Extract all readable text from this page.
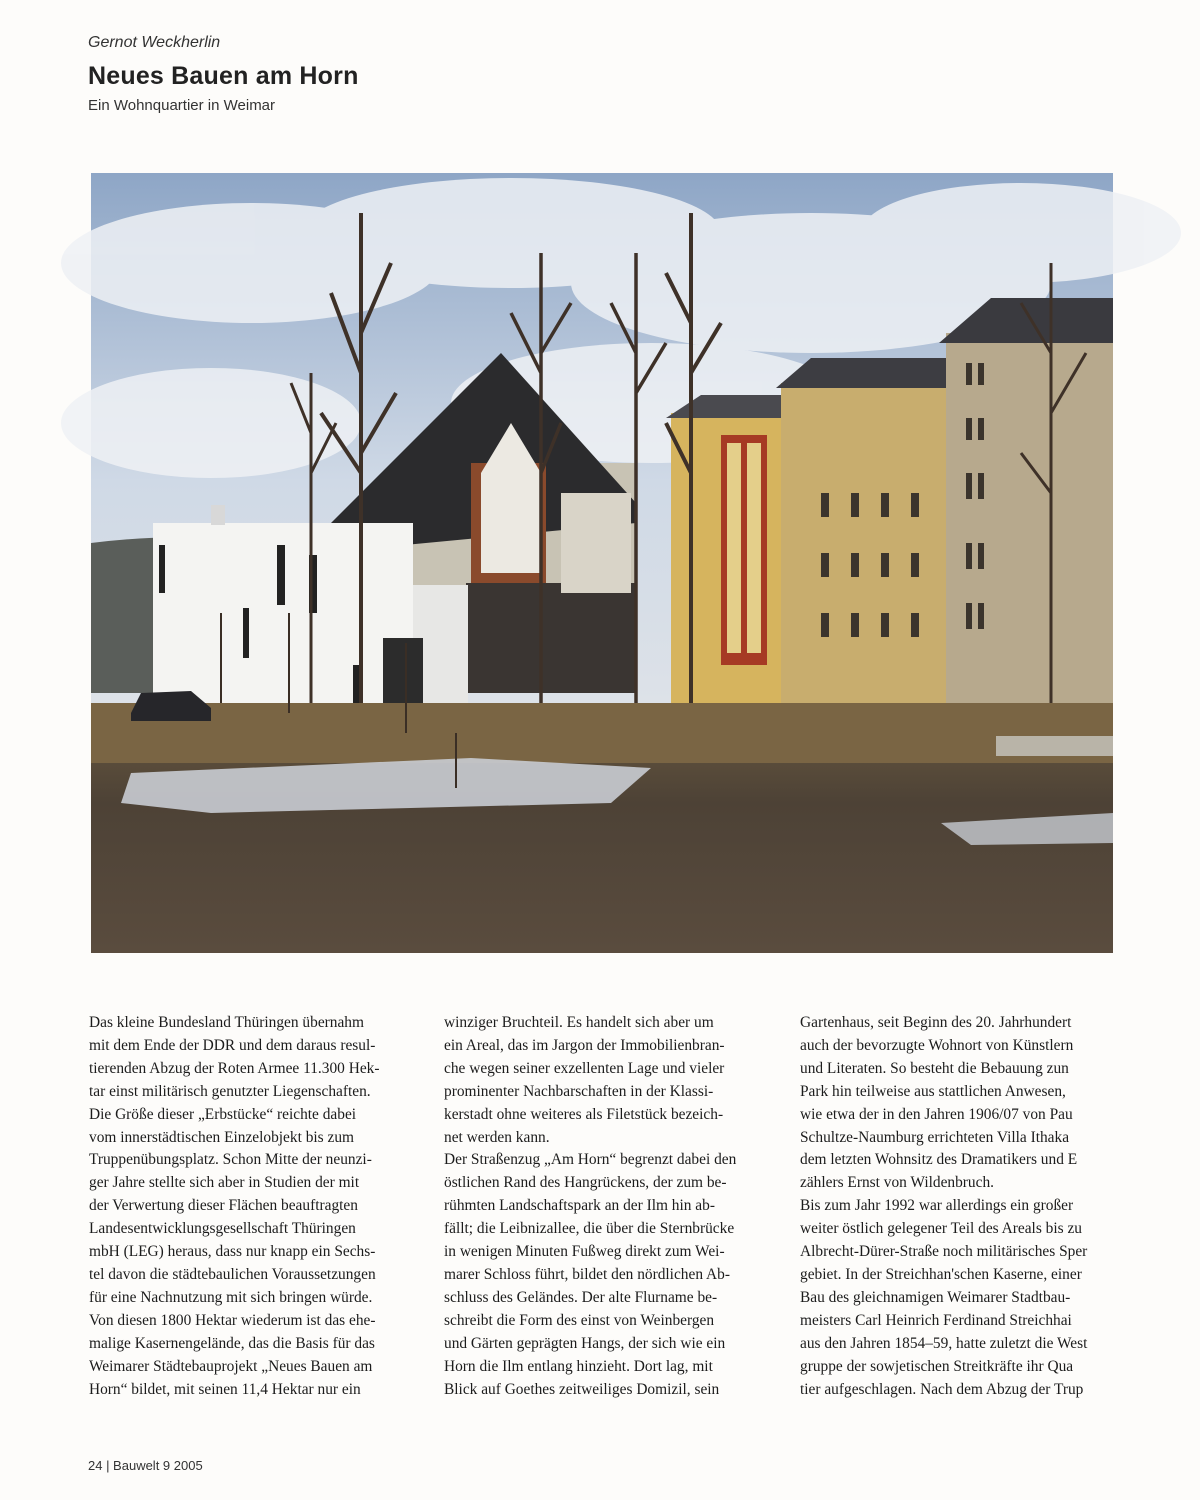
Gernot Weckherlin
Neues Bauen am Horn
Ein Wohnquartier in Weimar

Das kleine Bundesland Thüringen übernahm
mit dem Ende der DDR und dem daraus resul-
tierenden Abzug der Roten Armee 11.300 Hek-
tar einst militärisch genutzter Liegenschaften.
Die Größe dieser „Erbstücke“ reichte dabei
vom innerstädtischen Einzelobjekt bis zum
Truppenübungsplatz. Schon Mitte der neunzi-
ger Jahre stellte sich aber in Studien der mit
der Verwertung dieser Flächen beauftragten
Landesentwicklungsgesellschaft Thüringen
mbH (LEG) heraus, dass nur knapp ein Sechs-
tel davon die städtebaulichen Voraussetzungen
für eine Nachnutzung mit sich bringen würde.
Von diesen 1800 Hektar wiederum ist das ehe-
malige Kasernengelände, das die Basis für das
Weimarer Städtebauprojekt „Neues Bauen am
Horn“ bildet, mit seinen 11,4 Hektar nur ein

winziger Bruchteil. Es handelt sich aber um
ein Areal, das im Jargon der Immobilienbran-
che wegen seiner exzellenten Lage und vieler
prominenter Nachbarschaften in der Klassi-
kerstadt ohne weiteres als Filetstück bezeich-
net werden kann.

Der Straßenzug „Am Horn“ begrenzt dabei den
östlichen Rand des Hangrückens, der zum be-
rühmten Landschaftspark an der Ilm hin ab-
fällt; die Leibnizallee, die über die Sternbrücke
in wenigen Minuten Fußweg direkt zum Wei-
marer Schloss führt, bildet den nördlichen Ab-
schluss des Geländes. Der alte Flurname be-
schreibt die Form des einst von Weinbergen
und Gärten geprägten Hangs, der sich wie ein
Horn die Ilm entlang hinzieht. Dort lag, mit
Blick auf Goethes zeitweiliges Domizil, sein

Gartenhaus, seit Beginn des 20. Jahrhundert
auch der bevorzugte Wohnort von Künstlern
und Literaten. So besteht die Bebauung zun
Park hin teilweise aus stattlichen Anwesen,
wie etwa der in den Jahren 1906/07 von Pau
Schultze-Naumburg errichteten Villa Ithaka
dem letzten Wohnsitz des Dramatikers und E
zählers Ernst von Wildenbruch.

Bis zum Jahr 1992 war allerdings ein großer
weiter östlich gelegener Teil des Areals bis zu
Albrecht-Dürer-Straße noch militärisches Sper
gebiet. In der Streichhan'schen Kaserne, einer
Bau des gleichnamigen Weimarer Stadtbau-
meisters Carl Heinrich Ferdinand Streichhai
aus den Jahren 1854–59, hatte zuletzt die West
gruppe der sowjetischen Streitkräfte ihr Qua
tier aufgeschlagen. Nach dem Abzug der Trup

24 | Bauwelt 9 2005
